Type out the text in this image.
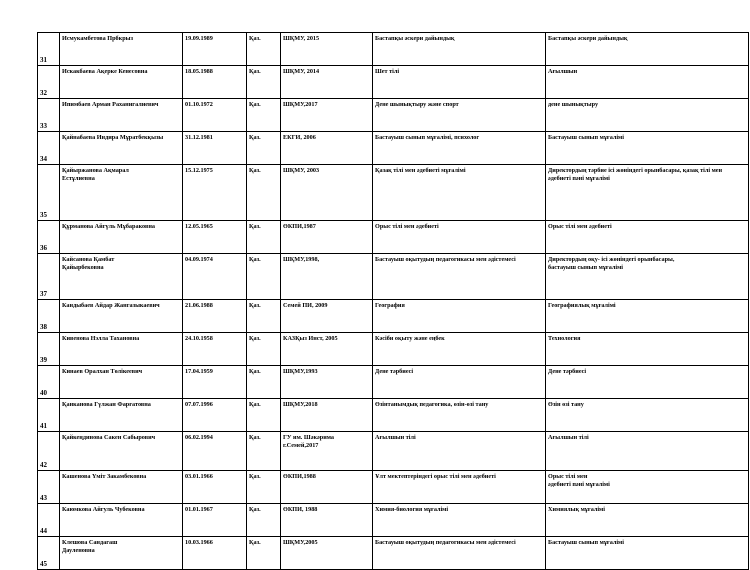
31	Исмукамбетова Прбкрыз	19.09.1989	Қаз.	ШҚМУ, 2015	Бастапқы әскери дайындық	Бастапқы әскери дайындық
32	Искакбаева Ақерке Кенесовна	18.05.1988	Қаз.	ШҚМУ, 2014	Шет тілі	Ағылшын
33	Ипимбаев Арман Раханигалиевич	01.10.1972	Қаз.	ШҚМУ,2017	Дене шынықтыру және спорт	дене шынықтыру
34	Қайнабаева Индира Мұратбекқызы	31.12.1981	Қаз.	ЕКГИ, 2006	Бастауыш сынып мұғалімі, психолог	Бастауыш сынып мұғалімі
35	Қайыржанова Ақмарал
Естұлиевна	15.12.1975	Қаз.	ШҚМУ, 2003	Қазақ тілі мен әдебиеті мұғалімі	Директордың тәрбие ісі жөніндегі орынбасары, қазақ тілі мен
әдебиеті пәні мұғалімі
36	Құрманова Айгүль Мұбараковна	12.05.1965	Қаз.	ӨКПИ,1987	Орыс тілі мен әдебиеті	Орыс тілі мен әдебиеті
37	Кайсанова Қамбат
Қайырбековна	04.09.1974	Қаз.	ШҚМУ,1998,	Бастауыш оқытудың педагогикасы мен әдістемесі	Директордың оқу- ісі жөніндегі орынбасары,
бастауыш сынып мұғалімі
38	Кандыбаев Айдар Жангазыкаевич	21.06.1988	Қаз.	Семей ПИ, 2009	География	Географиялық мұғалімі
39	Кивенова Нэлла Тахановна	24.10.1958	Қаз.	КАЗҚыз Инст, 2005	Кәсіби оқыту және еңбек	Технология
40	Кинаев Оралхан Төлікеевич	17.04.1959	Қаз.	ШҚМУ,1993	Дене тәрбиесі	Дене тәрбиесі
41	Қанканова Гүлжан Фарғатовна	07.07.1996	Қаз.	ШҚМУ,2018	Өзінтанымдық педагогика, өзін-өзі тану	Өзін өзі тану
42	Қайкеңдинова Сакен Сабырович	06.02.1994	Қаз.	ГУ им. Шәкәрима
г.Семей,2017	Ағылшын тілі	Ағылшын тілі
43	Кашенова Үміт Закамбековна	03.01.1966	Қаз.	ӨКПИ,1988	Ұлт мектептеріндегі орыс тілі мен әдебиеті	Орыс тілі мен
әдебиеті пәні мұғалімі
44	Каюмкова Айгуль Чубековна	01.01.1967	Қаз.	ӨКПИ, 1988	Химия-биология мұғалімі	Химиялық мұғалімі
45	Клешова Сандагаш
Дауленовна	10.03.1966	Қаз.	ШҚМУ,2005	Бастауыш оқытудың педагогикасы мен әдістемесі	Бастауыш сынып мұғалімі
